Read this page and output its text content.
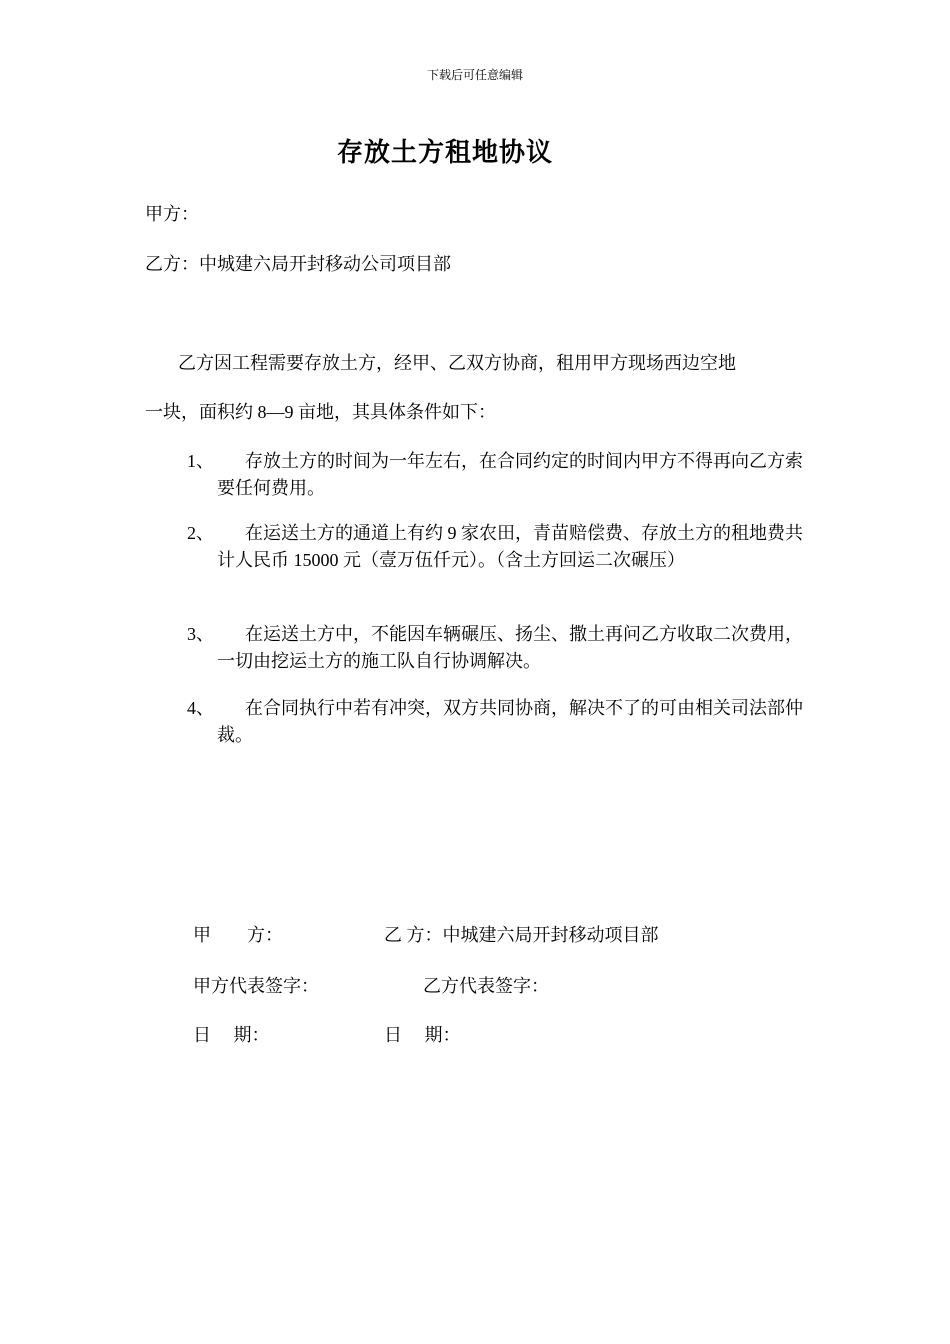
下载后可任意编辑
存放土方租地协议
甲方：
乙方：中城建六局开封移动公司项目部
乙方因工程需要存放土方，经甲、乙双方协商，租用甲方现场西边空地
一块，面积约 8—9 亩地，其具体条件如下：
1、	存放土方的时间为一年左右，在合同约定的时间内甲方不得再向乙方索要任何费用。
2、	在运送土方的通道上有约 9 家农田，青苗赔偿费、存放土方的租地费共计人民币 15000 元（壹万伍仟元）。（含土方回运二次碾压）
3、	在运送土方中，不能因车辆碾压、扬尘、撒土再问乙方收取二次费用，一切由挖运土方的施工队自行协调解决。
4、	在合同执行中若有冲突，双方共同协商，解决不了的可由相关司法部仲裁。
甲　　方：	乙 方：中城建六局开封移动项目部
甲方代表签字：	乙方代表签字：
日　 期：	日　 期：
